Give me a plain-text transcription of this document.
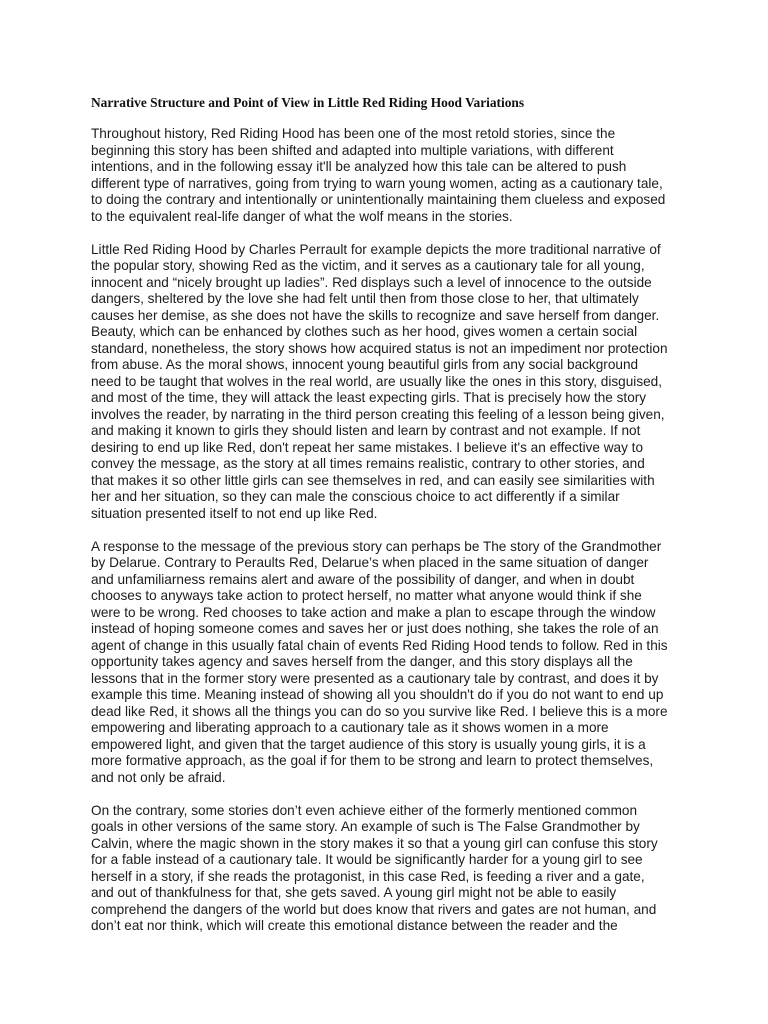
Narrative Structure and Point of View in Little Red Riding Hood Variations
Throughout history, Red Riding Hood has been one of the most retold stories, since the
beginning this story has been shifted and adapted into multiple variations, with different
intentions, and in the following essay it'll be analyzed how this tale can be altered to push
different type of narratives, going from trying to warn young women, acting as a cautionary tale,
to doing the contrary and intentionally or unintentionally maintaining them clueless and exposed
to the equivalent real-life danger of what the wolf means in the stories.
Little Red Riding Hood by Charles Perrault for example depicts the more traditional narrative of
the popular story, showing Red as the victim, and it serves as a cautionary tale for all young,
innocent and “nicely brought up ladies”. Red displays such a level of innocence to the outside
dangers, sheltered by the love she had felt until then from those close to her, that ultimately
causes her demise, as she does not have the skills to recognize and save herself from danger.
Beauty, which can be enhanced by clothes such as her hood, gives women a certain social
standard, nonetheless, the story shows how acquired status is not an impediment nor protection
from abuse. As the moral shows, innocent young beautiful girls from any social background
need to be taught that wolves in the real world, are usually like the ones in this story, disguised,
and most of the time, they will attack the least expecting girls. That is precisely how the story
involves the reader, by narrating in the third person creating this feeling of a lesson being given,
and making it known to girls they should listen and learn by contrast and not example. If not
desiring to end up like Red, don't repeat her same mistakes. I believe it's an effective way to
convey the message, as the story at all times remains realistic, contrary to other stories, and
that makes it so other little girls can see themselves in red, and can easily see similarities with
her and her situation, so they can male the conscious choice to act differently if a similar
situation presented itself to not end up like Red.
A response to the message of the previous story can perhaps be The story of the Grandmother
by Delarue. Contrary to Peraults Red, Delarue’s when placed in the same situation of danger
and unfamiliarness remains alert and aware of the possibility of danger, and when in doubt
chooses to anyways take action to protect herself, no matter what anyone would think if she
were to be wrong. Red chooses to take action and make a plan to escape through the window
instead of hoping someone comes and saves her or just does nothing, she takes the role of an
agent of change in this usually fatal chain of events Red Riding Hood tends to follow. Red in this
opportunity takes agency and saves herself from the danger, and this story displays all the
lessons that in the former story were presented as a cautionary tale by contrast, and does it by
example this time. Meaning instead of showing all you shouldn't do if you do not want to end up
dead like Red, it shows all the things you can do so you survive like Red. I believe this is a more
empowering and liberating approach to a cautionary tale as it shows women in a more
empowered light, and given that the target audience of this story is usually young girls, it is a
more formative approach, as the goal if for them to be strong and learn to protect themselves,
and not only be afraid.
On the contrary, some stories don’t even achieve either of the formerly mentioned common
goals in other versions of the same story. An example of such is The False Grandmother by
Calvin, where the magic shown in the story makes it so that a young girl can confuse this story
for a fable instead of a cautionary tale. It would be significantly harder for a young girl to see
herself in a story, if she reads the protagonist, in this case Red, is feeding a river and a gate,
and out of thankfulness for that, she gets saved. A young girl might not be able to easily
comprehend the dangers of the world but does know that rivers and gates are not human, and
don’t eat nor think, which will create this emotional distance between the reader and the
